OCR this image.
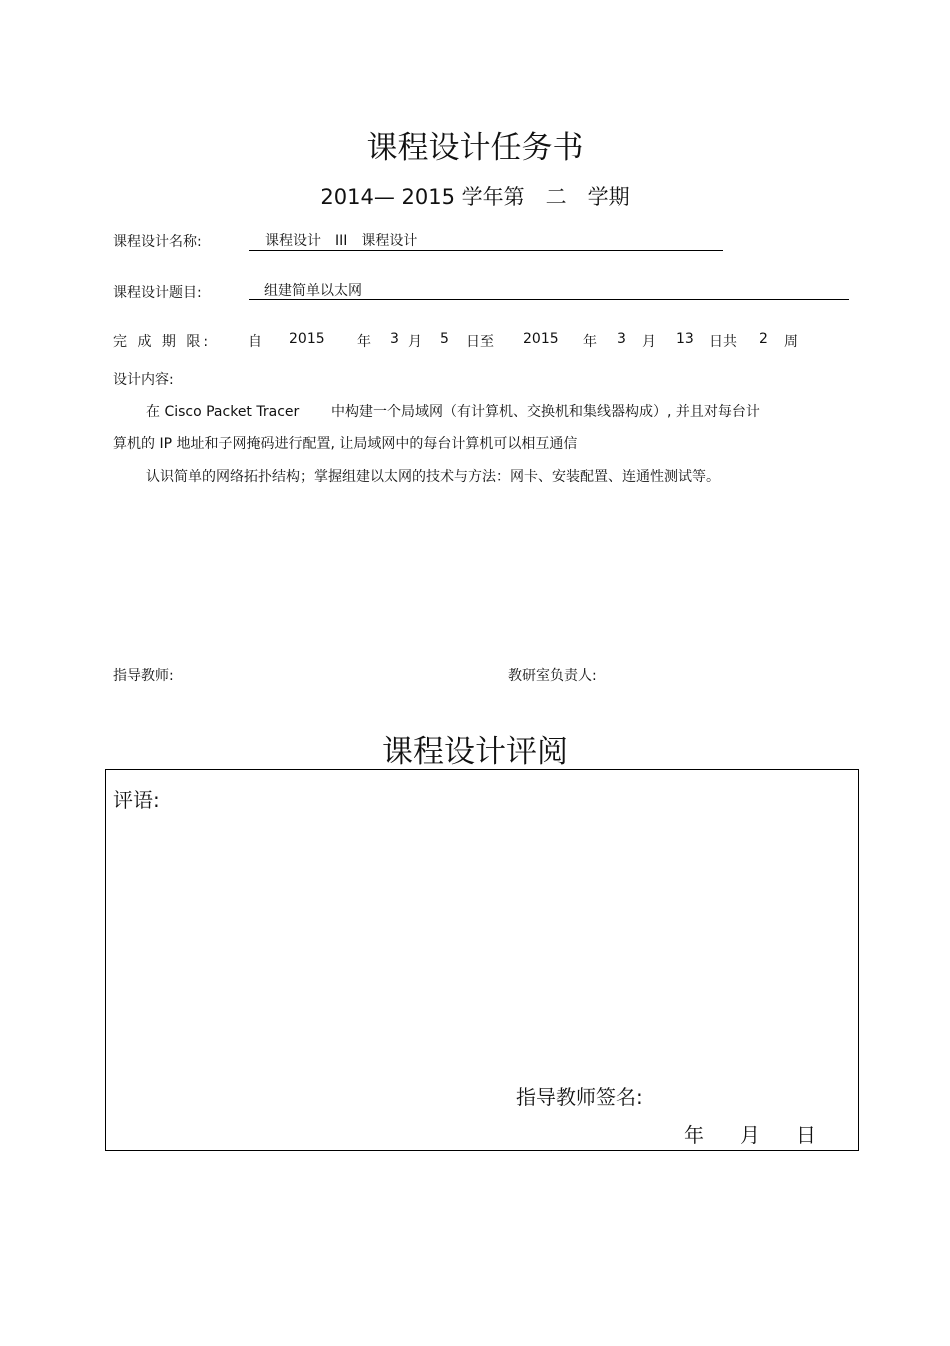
课程设计任务书
2014— 2015 学年第　二　学期
课程设计名称:	课程设计　III　课程设计
课程设计题目:	组建简单以太网
完 成 期 限:	自 2015 年 3 月 5 日至 2015 年 3 月 13 日共 2 周
设计内容:
在 Cisco Packet Tracer 中构建一个局域网（有计算机、交换机和集线器构成）, 并且对每台计
算机的 IP 地址和子网掩码进行配置, 让局域网中的每台计算机可以相互通信
认识简单的网络拓扑结构；掌握组建以太网的技术与方法：网卡、安装配置、连通性测试等。
指导教师:	教研室负责人:
课程设计评阅
评语:
指导教师签名:
年 月 日
